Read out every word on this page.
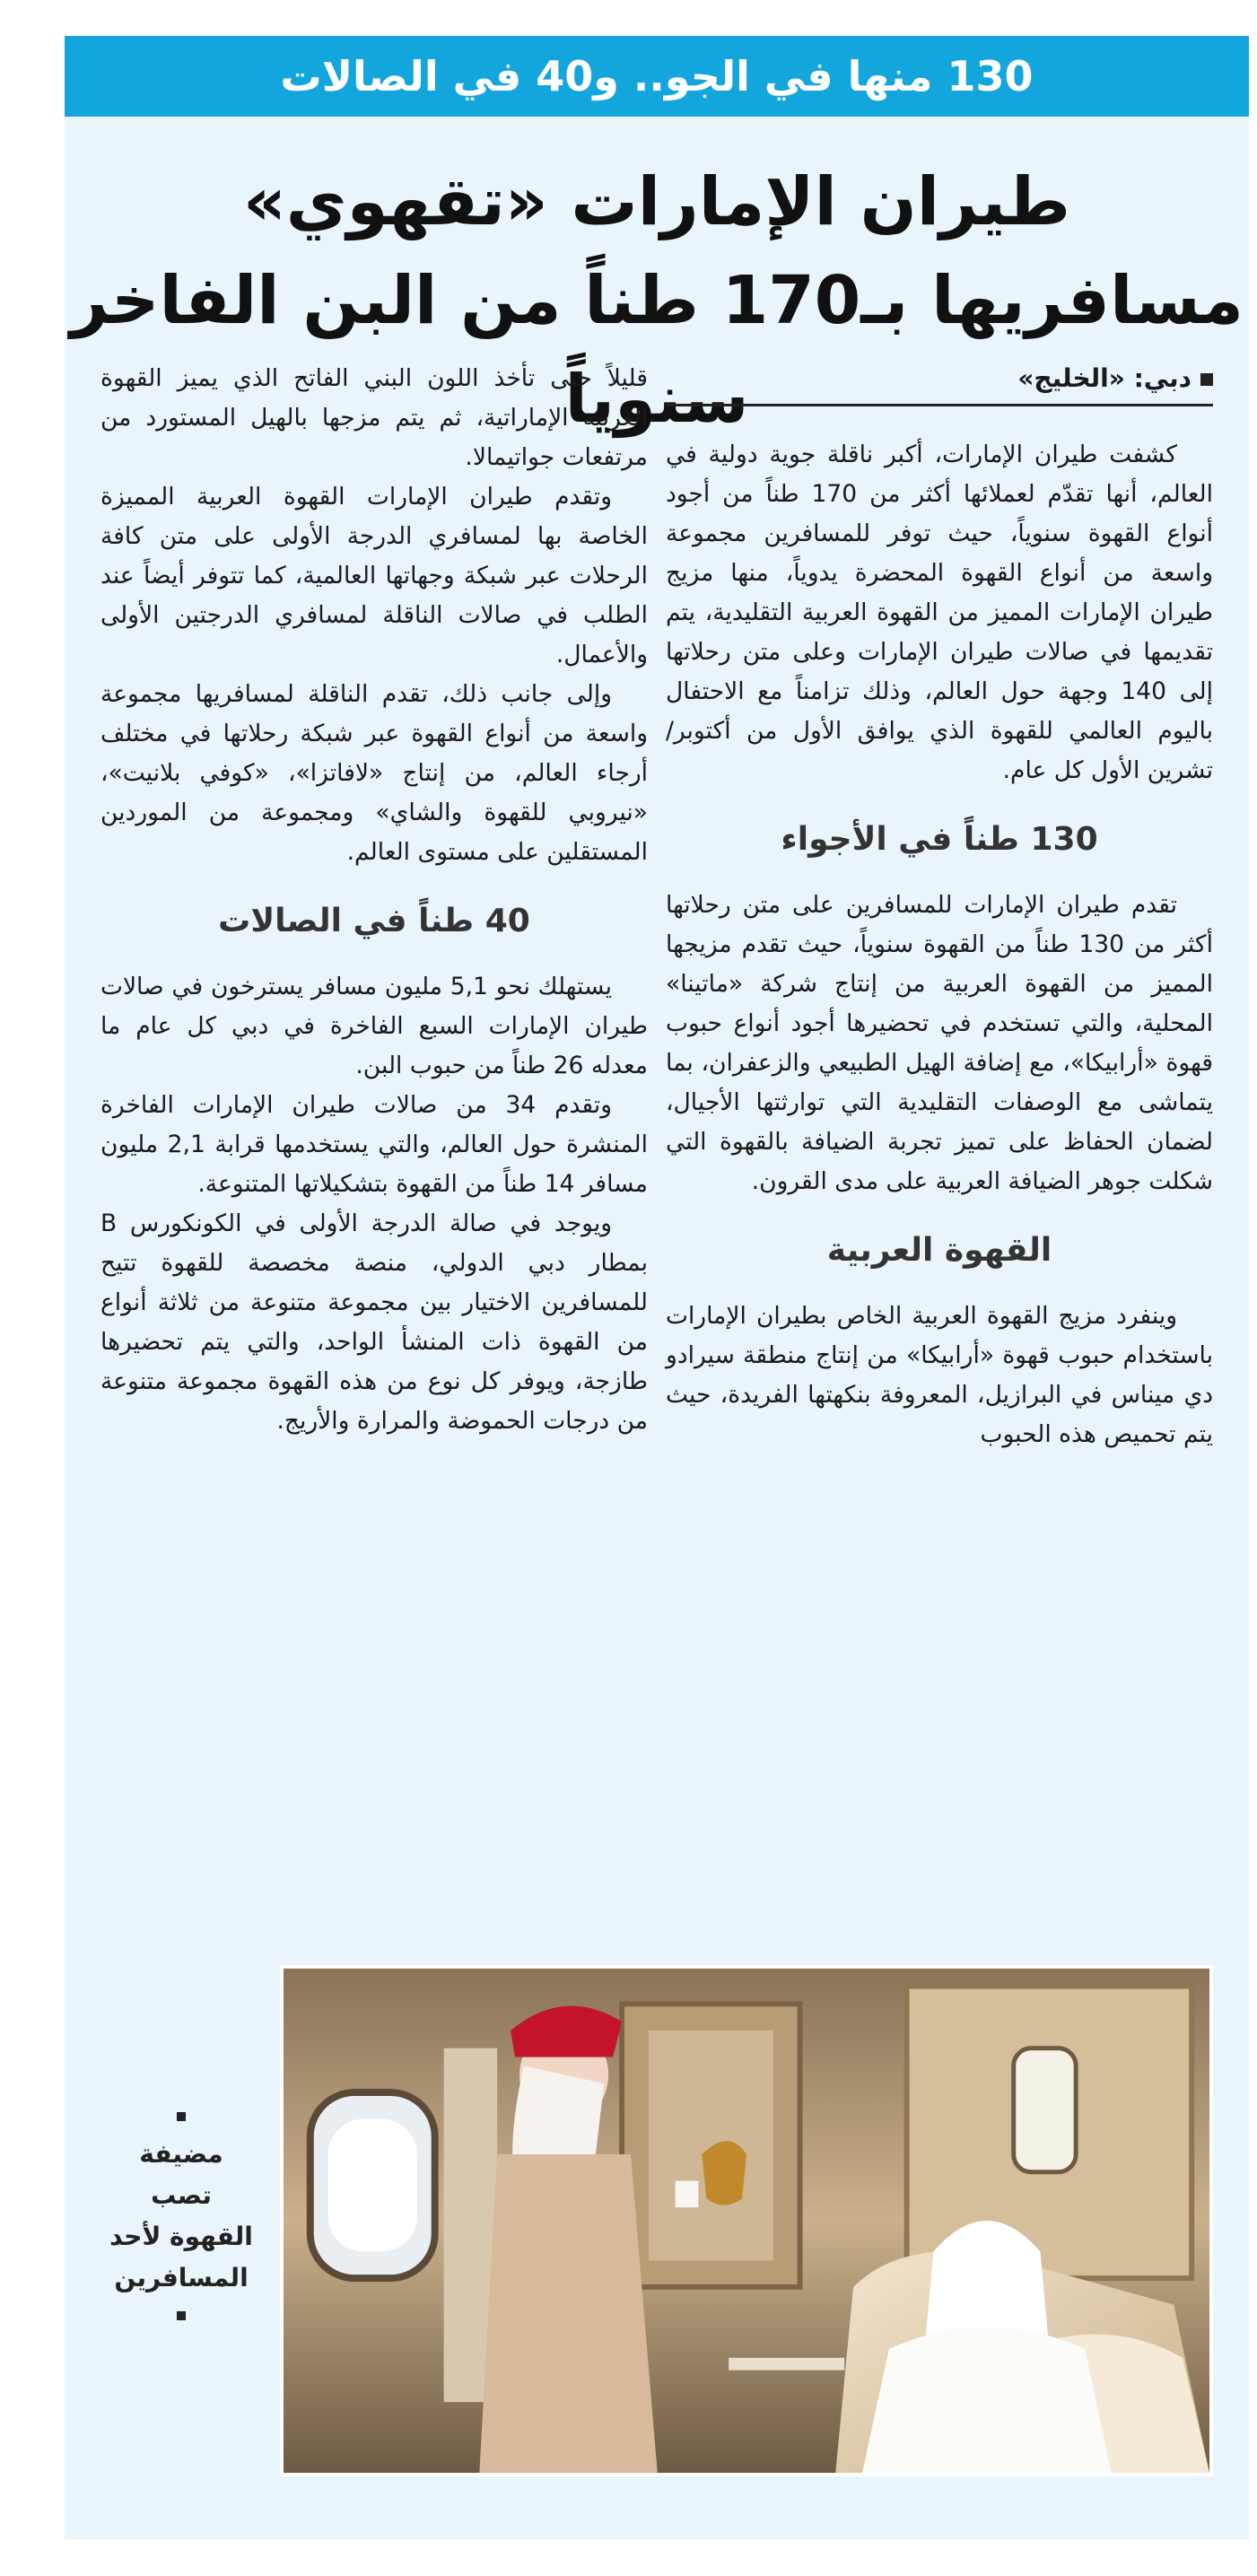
130 منها في الجو.. و40 في الصالات
طيران الإمارات «تقهوي»
مسافريها بـ170 طناً من البن الفاخر سنوياً	دبي: «الخليج»

كشفت طيران الإمارات، أكبر ناقلة جوية دولية في العالم، أنها تقدّم لعملائها أكثر من 170 طناً من أجود أنواع القهوة سنوياً، حيث توفر للمسافرين مجموعة واسعة من أنواع القهوة المحضرة يدوياً، منها مزيج طيران الإمارات المميز من القهوة العربية التقليدية، يتم تقديمها في صالات طيران الإمارات وعلى متن رحلاتها إلى 140 وجهة حول العالم، وذلك تزامناً مع الاحتفال باليوم العالمي للقهوة الذي يوافق الأول من أكتوبر/تشرين الأول كل عام.

130 طناً في الأجواء

تقدم طيران الإمارات للمسافرين على متن رحلاتها أكثر من 130 طناً من القهوة سنوياً، حيث تقدم مزيجها المميز من القهوة العربية من إنتاج شركة «ماتينا» المحلية، والتي تستخدم في تحضيرها أجود أنواع حبوب قهوة «أرابيكا»، مع إضافة الهيل الطبيعي والزعفران، بما يتماشى مع الوصفات التقليدية التي توارثتها الأجيال، لضمان الحفاظ على تميز تجربة الضيافة بالقهوة التي شكلت جوهر الضيافة العربية على مدى القرون.

القهوة العربية

وينفرد مزيج القهوة العربية الخاص بطيران الإمارات باستخدام حبوب قهوة «أرابيكا» من إنتاج منطقة سيرادو دي ميناس في البرازيل، المعروفة بنكهتها الفريدة، حيث يتم تحميص هذه الحبوب

قليلاً حتى تأخذ اللون البني الفاتح الذي يميز القهوة العربية الإماراتية، ثم يتم مزجها بالهيل المستورد من مرتفعات جواتيمالا.

وتقدم طيران الإمارات القهوة العربية المميزة الخاصة بها لمسافري الدرجة الأولى على متن كافة الرحلات عبر شبكة وجهاتها العالمية، كما تتوفر أيضاً عند الطلب في صالات الناقلة لمسافري الدرجتين الأولى والأعمال.

وإلى جانب ذلك، تقدم الناقلة لمسافريها مجموعة واسعة من أنواع القهوة عبر شبكة رحلاتها في مختلف أرجاء العالم، من إنتاج «لافاتزا»، «كوفي بلانيت»، «نيروبي للقهوة والشاي» ومجموعة من الموردين المستقلين على مستوى العالم.

40 طناً في الصالات

يستهلك نحو 5,1 مليون مسافر يسترخون في صالات طيران الإمارات السبع الفاخرة في دبي كل عام ما معدله 26 طناً من حبوب البن.

وتقدم 34 من صالات طيران الإمارات الفاخرة المنشرة حول العالم، والتي يستخدمها قرابة 2,1 مليون مسافر 14 طناً من القهوة بتشكيلاتها المتنوعة.

ويوجد في صالة الدرجة الأولى في الكونكورس B بمطار دبي الدولي، منصة مخصصة للقهوة تتيح للمسافرين الاختيار بين مجموعة متنوعة من ثلاثة أنواع من القهوة ذات المنشأ الواحد، والتي يتم تحضيرها طازجة، ويوفر كل نوع من هذه القهوة مجموعة متنوعة من درجات الحموضة والمرارة والأريج.

مضيفة
تصب
القهوة لأحد
المسافرين
